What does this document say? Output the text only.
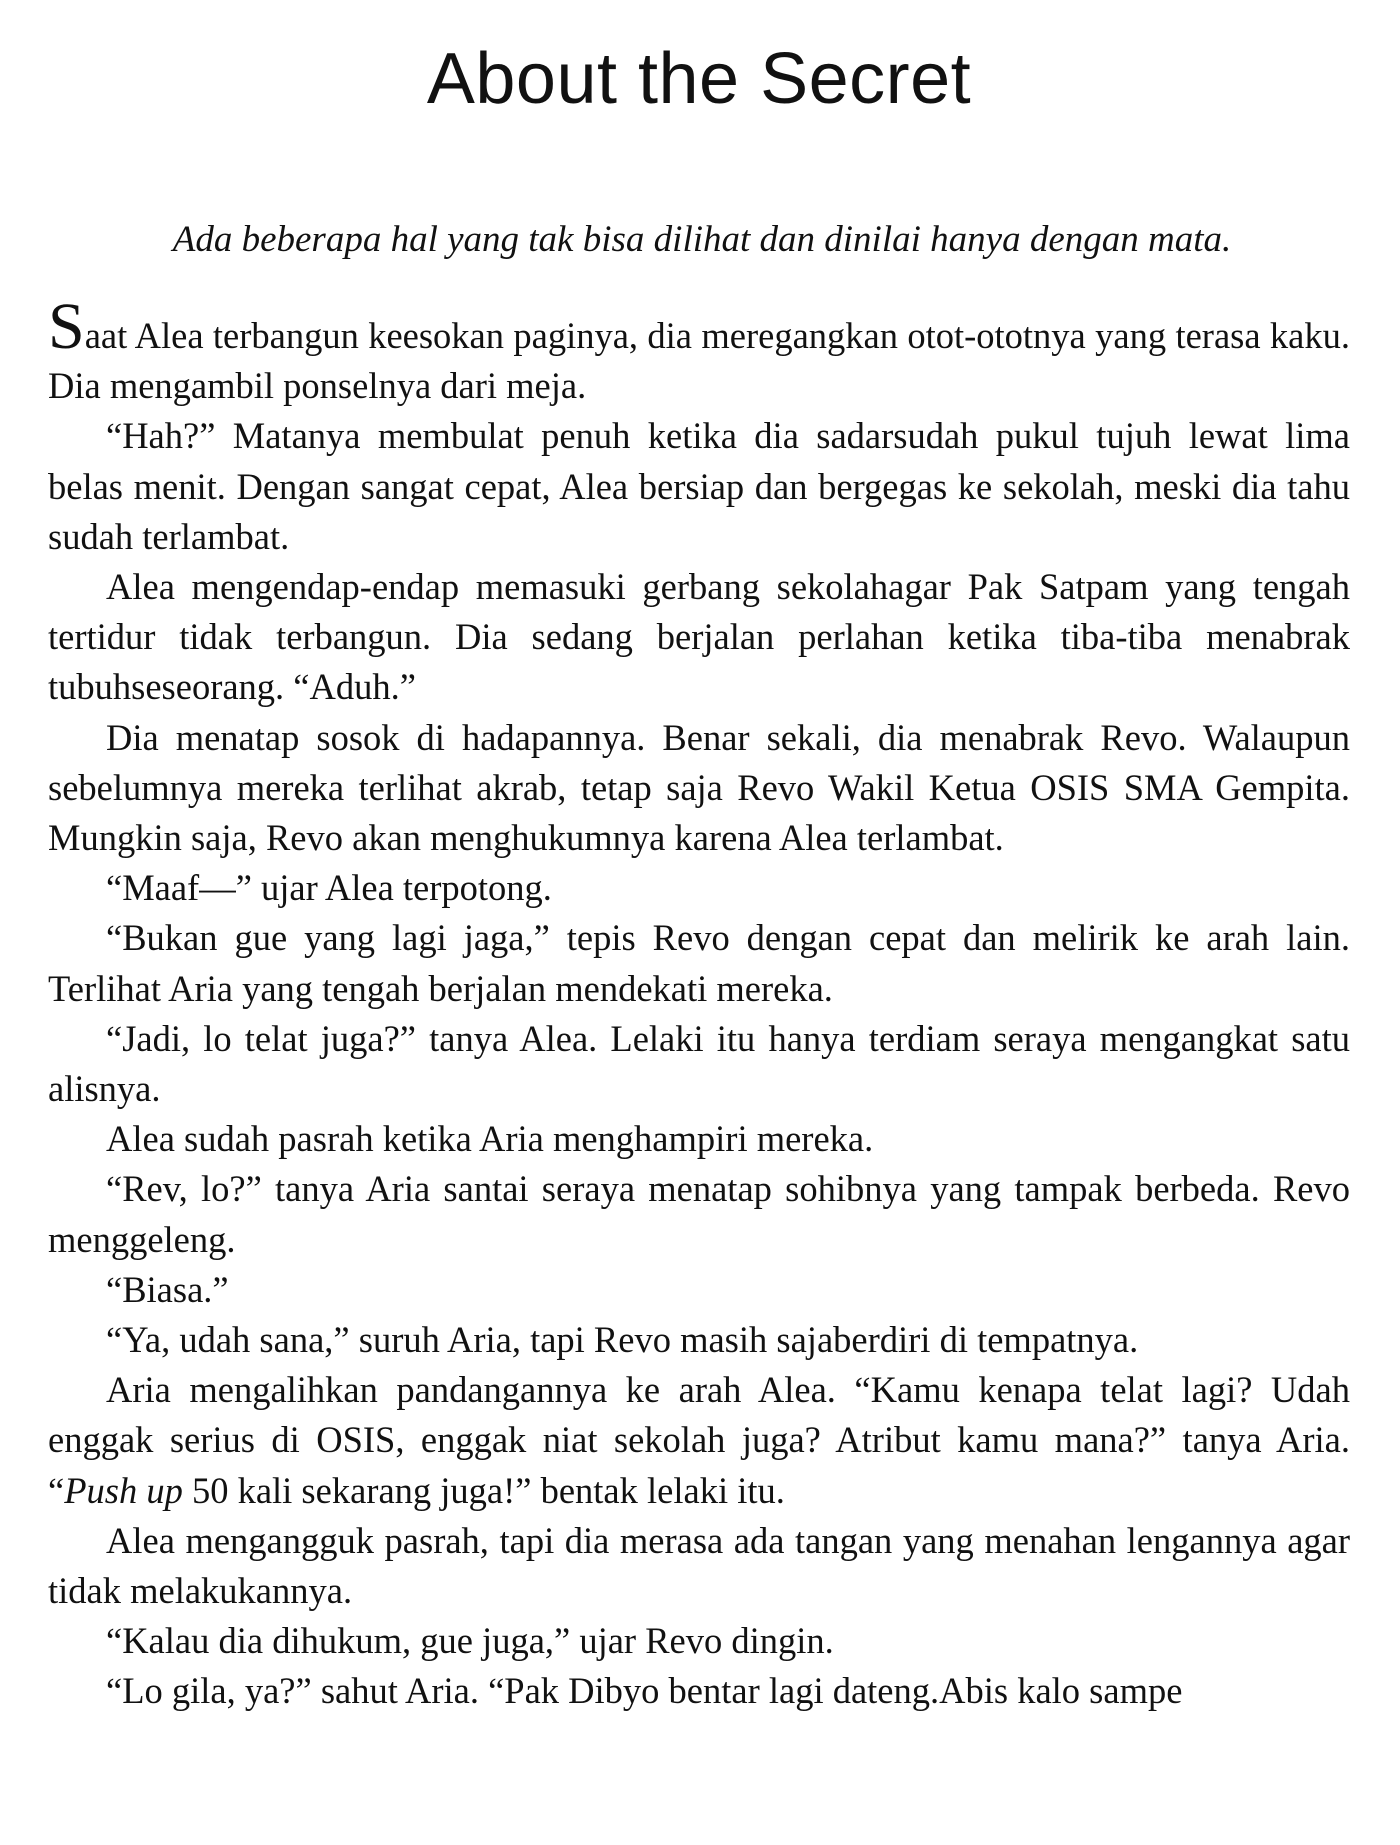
About the Secret

Ada beberapa hal yang tak bisa dilihat dan dinilai hanya dengan mata.

Saat Alea terbangun keesokan paginya, dia meregangkan otot-ototnya yang terasa kaku. Dia mengambil ponselnya dari meja.

“Hah?” Matanya membulat penuh ketika dia sadarsudah pukul tujuh lewat lima belas menit. Dengan sangat cepat, Alea bersiap dan bergegas ke sekolah, meski dia tahu sudah terlambat.

Alea mengendap-endap memasuki gerbang sekolahagar Pak Satpam yang tengah tertidur tidak terbangun. Dia sedang berjalan perlahan ketika tiba-tiba menabrak tubuhseseorang. “Aduh.”

Dia menatap sosok di hadapannya. Benar sekali, dia menabrak Revo. Walaupun sebelumnya mereka terlihat akrab, tetap saja Revo Wakil Ketua OSIS SMA Gempita. Mungkin saja, Revo akan menghukumnya karena Alea terlambat.

“Maaf—” ujar Alea terpotong.

“Bukan gue yang lagi jaga,” tepis Revo dengan cepat dan melirik ke arah lain. Terlihat Aria yang tengah berjalan mendekati mereka.

“Jadi, lo telat juga?” tanya Alea. Lelaki itu hanya terdiam seraya mengangkat satu alisnya.

Alea sudah pasrah ketika Aria menghampiri mereka.

“Rev, lo?” tanya Aria santai seraya menatap sohibnya yang tampak berbeda. Revo menggeleng.

“Biasa.”

“Ya, udah sana,” suruh Aria, tapi Revo masih sajaberdiri di tempatnya.

Aria mengalihkan pandangannya ke arah Alea. “Kamu kenapa telat lagi? Udah enggak serius di OSIS, enggak niat sekolah juga? Atribut kamu mana?” tanya Aria. “Push up 50 kali sekarang juga!” bentak lelaki itu.

Alea mengangguk pasrah, tapi dia merasa ada tangan yang menahan lengannya agar tidak melakukannya.

“Kalau dia dihukum, gue juga,” ujar Revo dingin.

“Lo gila, ya?” sahut Aria. “Pak Dibyo bentar lagi dateng.Abis kalo sampe
